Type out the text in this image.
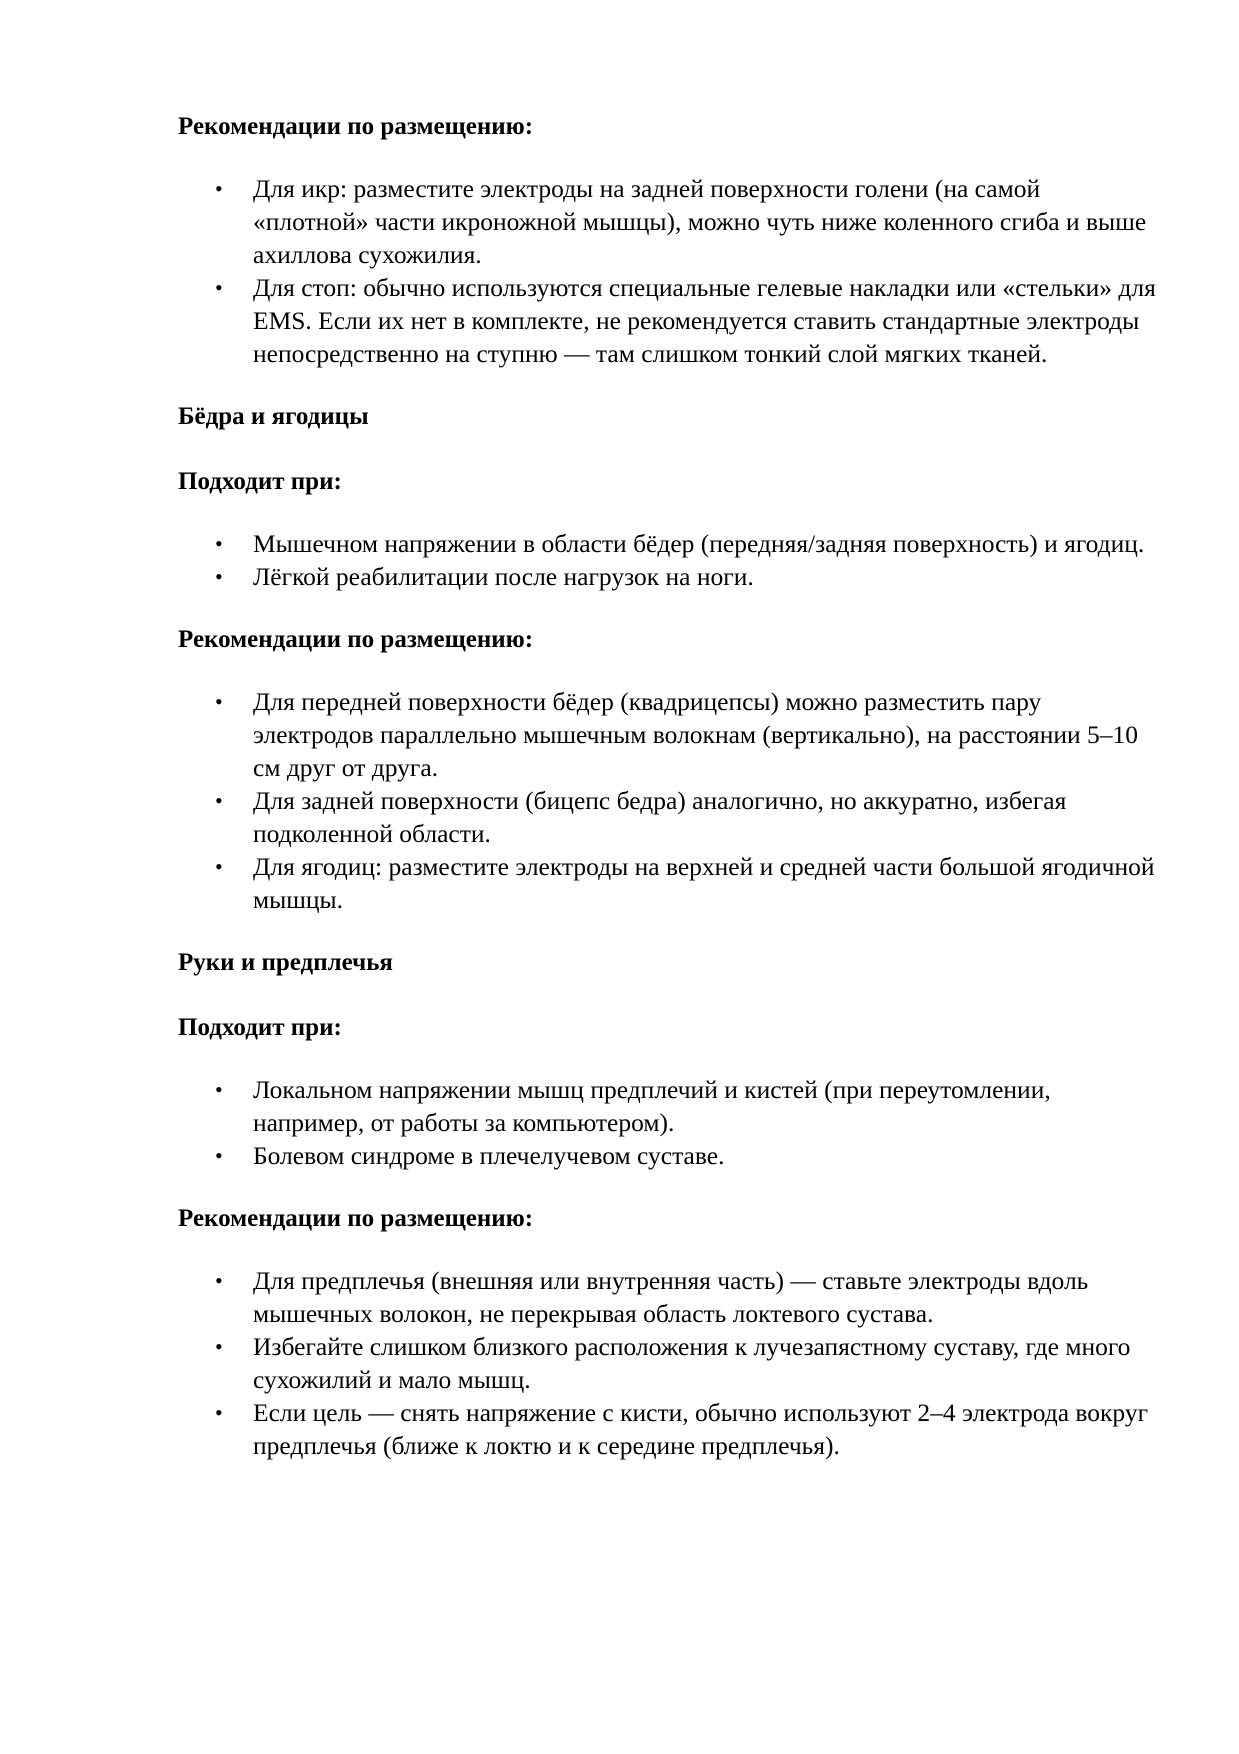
Рекомендации по размещению:

• Для икр: разместите электроды на задней поверхности голени (на самой «плотной» части икроножной мышцы), можно чуть ниже коленного сгиба и выше ахиллова сухожилия.
• Для стоп: обычно используются специальные гелевые накладки или «стельки» для EMS. Если их нет в комплекте, не рекомендуется ставить стандартные электроды непосредственно на ступню — там слишком тонкий слой мягких тканей.

Бёдра и ягодицы

Подходит при:

• Мышечном напряжении в области бёдер (передняя/задняя поверхность) и ягодиц.
• Лёгкой реабилитации после нагрузок на ноги.

Рекомендации по размещению:

• Для передней поверхности бёдер (квадрицепсы) можно разместить пару электродов параллельно мышечным волокнам (вертикально), на расстоянии 5–10 см друг от друга.
• Для задней поверхности (бицепс бедра) аналогично, но аккуратно, избегая подколенной области.
• Для ягодиц: разместите электроды на верхней и средней части большой ягодичной мышцы.

Руки и предплечья

Подходит при:

• Локальном напряжении мышц предплечий и кистей (при переутомлении, например, от работы за компьютером).
• Болевом синдроме в плечелучевом суставе.

Рекомендации по размещению:

• Для предплечья (внешняя или внутренняя часть) — ставьте электроды вдоль мышечных волокон, не перекрывая область локтевого сустава.
• Избегайте слишком близкого расположения к лучезапястному суставу, где много сухожилий и мало мышц.
• Если цель — снять напряжение с кисти, обычно используют 2–4 электрода вокруг предплечья (ближе к локтю и к середине предплечья).
